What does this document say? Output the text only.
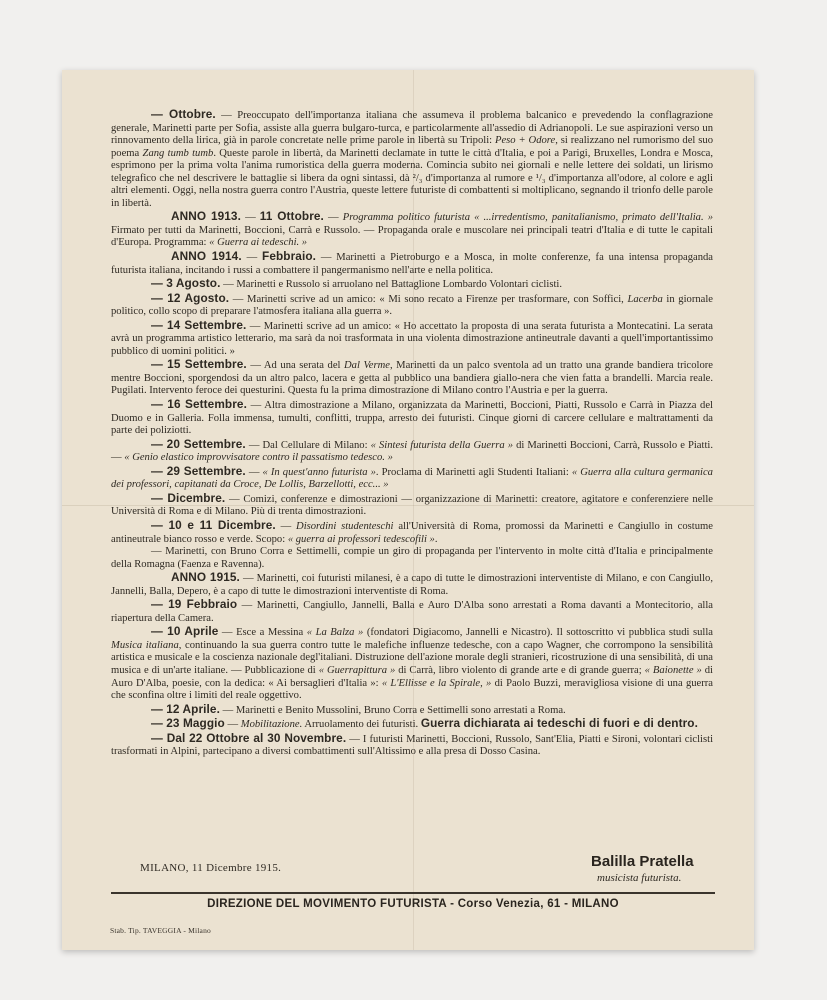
— Ottobre. — Preoccupato dell'importanza italiana che assumeva il problema balcanico e prevedendo la conflagrazione generale, Marinetti parte per Sofia, assiste alla guerra bulgaro-turca, e particolarmente all'assedio di Adrianopoli. Le sue aspirazioni verso un rinnovamento della lirica, già in parole concretate nelle prime parole in libertà su Tripoli: Peso + Odore, si realizzano nel rumorismo del suo poema Zang tumb tumb. Queste parole in libertà, da Marinetti declamate in tutte le città d'Italia, e poi a Parigi, Bruxelles, Londra e Mosca, esprimono per la prima volta l'anima rumoristica della guerra moderna. Comincia subito nei giornali e nelle lettere dei soldati, un lirismo telegrafico che nel descrivere le battaglie si libera da ogni sintassi, dà ²/₃ d'importanza al rumore e ¹/₃ d'importanza all'odore, al colore e agli altri elementi. Oggi, nella nostra guerra contro l'Austria, queste lettere futuriste di combattenti si moltiplicano, segnando il trionfo delle parole in libertà.

ANNO 1913. — 11 Ottobre. — Programma politico futurista « ...irredentismo, panitalianismo, primato dell'Italia. » Firmato per tutti da Marinetti, Boccioni, Carrà e Russolo. — Propaganda orale e muscolare nei principali teatri d'Italia e di tutte le capitali d'Europa. Programma: « Guerra ai tedeschi. »

ANNO 1914. — Febbraio. — Marinetti a Pietroburgo e a Mosca, in molte conferenze, fa una intensa propaganda futurista italiana, incitando i russi a combattere il pangermanismo nell'arte e nella politica.

— 3 Agosto. — Marinetti e Russolo si arruolano nel Battaglione Lombardo Volontari ciclisti.

— 12 Agosto. — Marinetti scrive ad un amico: « Mi sono recato a Firenze per trasformare, con Soffici, Lacerba in giornale politico, collo scopo di preparare l'atmosfera italiana alla guerra ».

— 14 Settembre. — Marinetti scrive ad un amico: « Ho accettato la proposta di una serata futurista a Montecatini. La serata avrà un programma artistico letterario, ma sarà da noi trasformata in una violenta dimostrazione antineutrale davanti a quell'importantissimo pubblico di uomini politici. »

— 15 Settembre. — Ad una serata del Dal Verme, Marinetti da un palco sventola ad un tratto una grande bandiera tricolore mentre Boccioni, sporgendosi da un altro palco, lacera e getta al pubblico una bandiera giallo-nera che vien fatta a brandelli. Marcia reale. Pugilati. Intervento feroce dei questurini. Questa fu la prima dimostrazione di Milano contro l'Austria e per la guerra.

— 16 Settembre. — Altra dimostrazione a Milano, organizzata da Marinetti, Boccioni, Piatti, Russolo e Carrà in Piazza del Duomo e in Galleria. Folla immensa, tumulti, conflitti, truppa, arresto dei futuristi. Cinque giorni di carcere cellulare e maltrattamenti da parte dei poliziotti.

— 20 Settembre. — Dal Cellulare di Milano: « Sintesi futurista della Guerra » di Marinetti Boccioni, Carrà, Russolo e Piatti. — « Genio elastico improvvisatore contro il passatismo tedesco. »

— 29 Settembre. — « In quest'anno futurista ». Proclama di Marinetti agli Studenti Italiani: « Guerra alla cultura germanica dei professori, capitanati da Croce, De Lollis, Barzellotti, ecc... »

— Dicembre. — Comizi, conferenze e dimostrazioni — organizzazione di Marinetti: creatore, agitatore e conferenziere nelle Università di Roma e di Milano. Più di trenta dimostrazioni.

— 10 e 11 Dicembre. — Disordini studenteschi all'Università di Roma, promossi da Marinetti e Cangiullo in costume antineutrale bianco rosso e verde. Scopo: « guerra ai professori tedescofili ».

— Marinetti, con Bruno Corra e Settimelli, compie un giro di propaganda per l'intervento in molte città d'Italia e principalmente della Romagna (Faenza e Ravenna).

ANNO 1915. — Marinetti, coi futuristi milanesi, è a capo di tutte le dimostrazioni interventiste di Milano, e con Cangiullo, Jannelli, Balla, Depero, è a capo di tutte le dimostrazioni interventiste di Roma.

— 19 Febbraio — Marinetti, Cangiullo, Jannelli, Balla e Auro D'Alba sono arrestati a Roma davanti a Montecitorio, alla riapertura della Camera.

— 10 Aprile — Esce a Messina « La Balza » (fondatori Digiacomo, Jannelli e Nicastro). Il sottoscritto vi pubblica studi sulla Musica italiana, continuando la sua guerra contro tutte le malefiche influenze tedesche, con a capo Wagner, che corrompono la sensibilità artistica e musicale e la coscienza nazionale degl'italiani. Distruzione dell'azione morale degli stranieri, ricostruzione di una sensibilità, di una musica e di un'arte italiane. — Pubblicazione di « Guerrapittura » di Carrà, libro violento di grande arte e di grande guerra; « Baionette » di Auro D'Alba, poesie, con la dedica: « Ai bersaglieri d'Italia »: « L'Ellisse e la Spirale, » di Paolo Buzzi, meravigliosa visione di una guerra che sconfina oltre i limiti del reale oggettivo.

— 12 Aprile. — Marinetti e Benito Mussolini, Bruno Corra e Settimelli sono arrestati a Roma.

— 23 Maggio — Mobilitazione. Arruolamento dei futuristi. Guerra dichiarata ai tedeschi di fuori e di dentro.

— Dal 22 Ottobre al 30 Novembre. — I futuristi Marinetti, Boccioni, Russolo, Sant'Elia, Piatti e Sironi, volontari ciclisti trasformati in Alpini, partecipano a diversi combattimenti sull'Altissimo e alla presa di Dosso Casina.

MILANO, 11 Dicembre 1915.	Balilla Pratella
musicista futurista.
DIREZIONE DEL MOVIMENTO FUTURISTA - Corso Venezia, 61 - MILANO
Stab. Tip. TAVEGGIA - Milano
